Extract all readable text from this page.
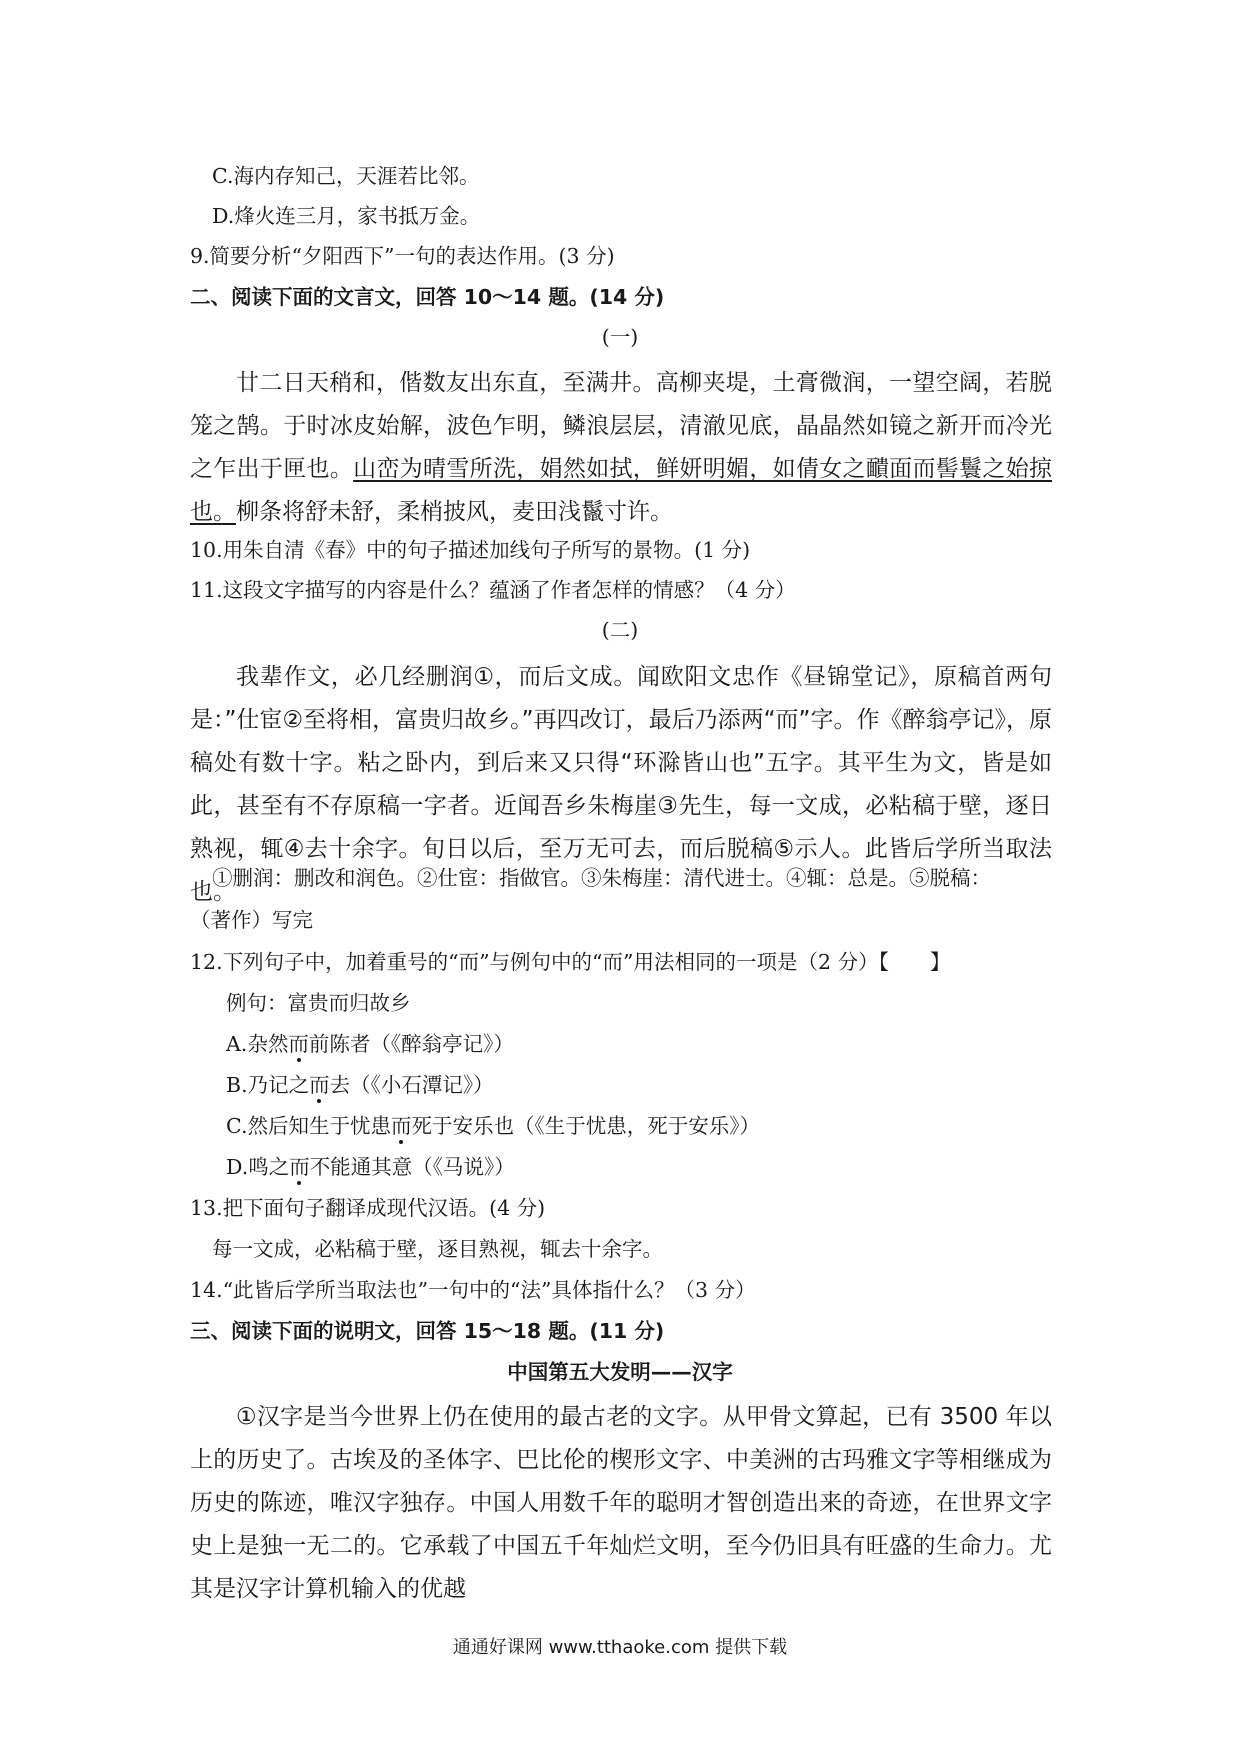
C.海内存知己，天涯若比邻。
D.烽火连三月，家书抵万金。
9.简要分析“夕阳西下”一句的表达作用。(3 分)
二、阅读下面的文言文，回答 10～14 题。(14 分)
(一)
廿二日天稍和，偕数友出东直，至满井。高柳夹堤，土膏微润，一望空阔，若脱笼之鹄。于时冰皮始解，波色乍明，鳞浪层层，清澈见底，晶晶然如镜之新开而冷光之乍出于匣也。山峦为晴雪所洗，娟然如拭，鲜妍明媚，如倩女之靧面而髻鬟之始掠也。柳条将舒未舒，柔梢披风，麦田浅鬣寸许。
10.用朱自清《春》中的句子描述加线句子所写的景物。(1 分)
11.这段文字描写的内容是什么？蕴涵了作者怎样的情感？（4 分）
(二)
我辈作文，必几经删润①，而后文成。闻欧阳文忠作《昼锦堂记》，原稿首两句是：”仕宦②至将相，富贵归故乡。”再四改订，最后乃添两“而”字。作《醉翁亭记》，原稿处有数十字。粘之卧内，到后来又只得“环滁皆山也”五字。其平生为文，皆是如此，甚至有不存原稿一字者。近闻吾乡朱梅崖③先生，每一文成，必粘稿于壁，逐日熟视，辄④去十余字。旬日以后，至万无可去，而后脱稿⑤示人。此皆后学所当取法也。
①删润：删改和润色。②仕宦：指做官。③朱梅崖：清代进士。④辄：总是。⑤脱稿：
（著作）写完
12.下列句子中，加着重号的“而”与例句中的“而”用法相同的一项是（2 分）【　　】
例句：富贵而归故乡
A.杂然而前陈者（《醉翁亭记》）
B.乃记之而去（《小石潭记》）
C.然后知生于忧患而死于安乐也（《生于忧患，死于安乐》）
D.鸣之而不能通其意（《马说》）
13.把下面句子翻译成现代汉语。(4 分)
每一文成，必粘稿于壁，逐目熟视，辄去十余字。
14.“此皆后学所当取法也”一句中的“法”具体指什么？（3 分）
三、阅读下面的说明文，回答 15～18 题。(11 分)
中国第五大发明——汉字
①汉字是当今世界上仍在使用的最古老的文字。从甲骨文算起，已有 3500 年以上的历史了。古埃及的圣体字、巴比伦的楔形文字、中美洲的古玛雅文字等相继成为历史的陈迹，唯汉字独存。中国人用数千年的聪明才智创造出来的奇迹，在世界文字史上是独一无二的。它承载了中国五千年灿烂文明，至今仍旧具有旺盛的生命力。尤其是汉字计算机输入的优越
通通好课网 www.tthaoke.com 提供下载
